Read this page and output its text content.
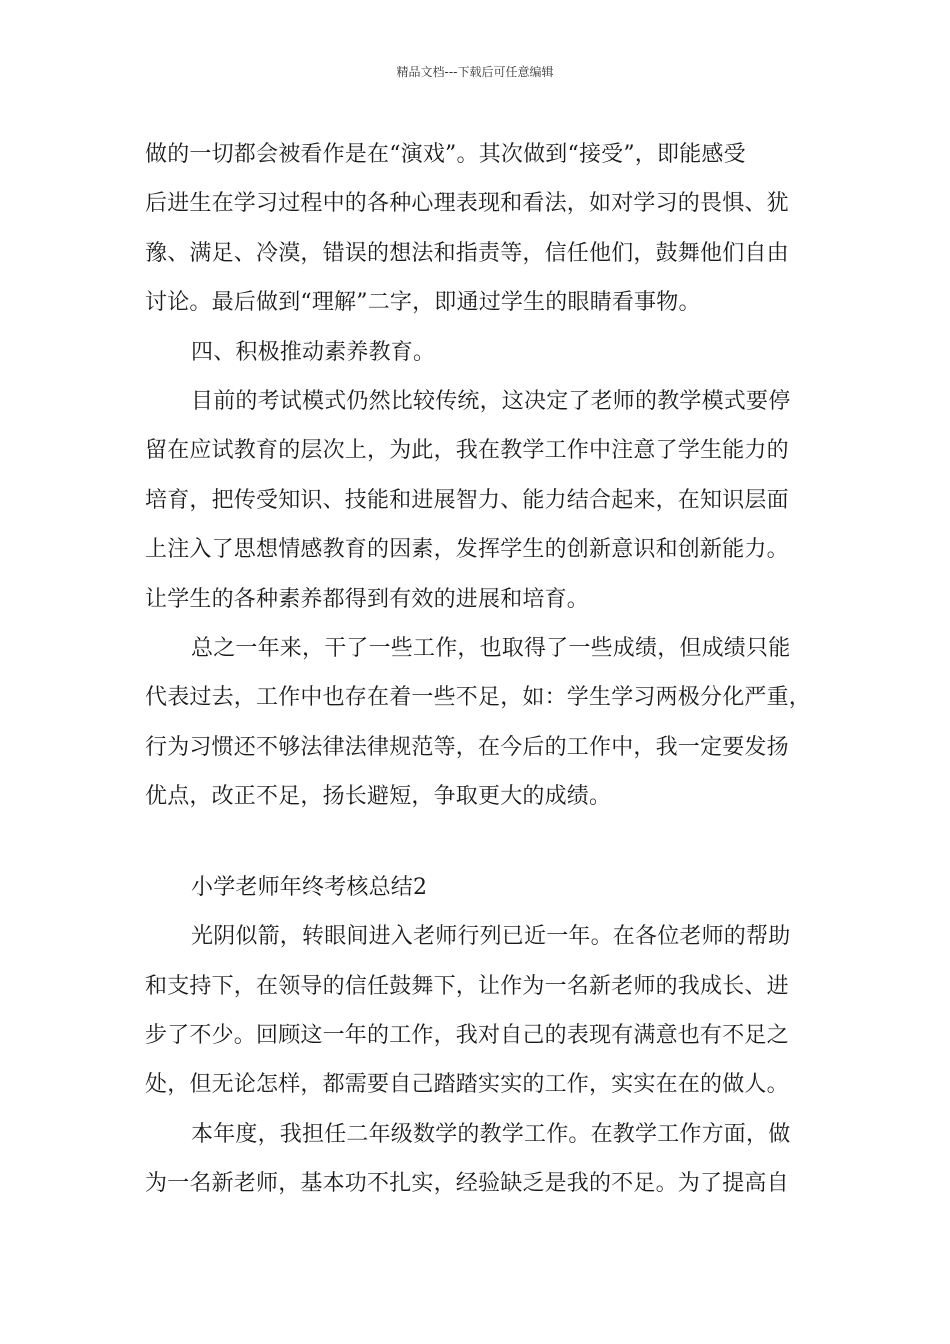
精品文档---下载后可任意编辑
做的一切都会被看作是在“演戏”。其次做到“接受”，即能感受
后进生在学习过程中的各种心理表现和看法，如对学习的畏惧、犹
豫、满足、冷漠，错误的想法和指责等，信任他们，鼓舞他们自由
讨论。最后做到“理解”二字，即通过学生的眼睛看事物。
四、积极推动素养教育。
目前的考试模式仍然比较传统，这决定了老师的教学模式要停
留在应试教育的层次上，为此，我在教学工作中注意了学生能力的
培育，把传受知识、技能和进展智力、能力结合起来，在知识层面
上注入了思想情感教育的因素，发挥学生的创新意识和创新能力。
让学生的各种素养都得到有效的进展和培育。
总之一年来，干了一些工作，也取得了一些成绩，但成绩只能
代表过去，工作中也存在着一些不足，如：学生学习两极分化严重，
行为习惯还不够法律法律规范等，在今后的工作中，我一定要发扬
优点，改正不足，扬长避短，争取更大的成绩。
小学老师年终考核总结2
光阴似箭，转眼间进入老师行列已近一年。在各位老师的帮助
和支持下，在领导的信任鼓舞下，让作为一名新老师的我成长、进
步了不少。回顾这一年的工作，我对自己的表现有满意也有不足之
处，但无论怎样，都需要自己踏踏实实的工作，实实在在的做人。
本年度，我担任二年级数学的教学工作。在教学工作方面，做
为一名新老师，基本功不扎实，经验缺乏是我的不足。为了提高自
